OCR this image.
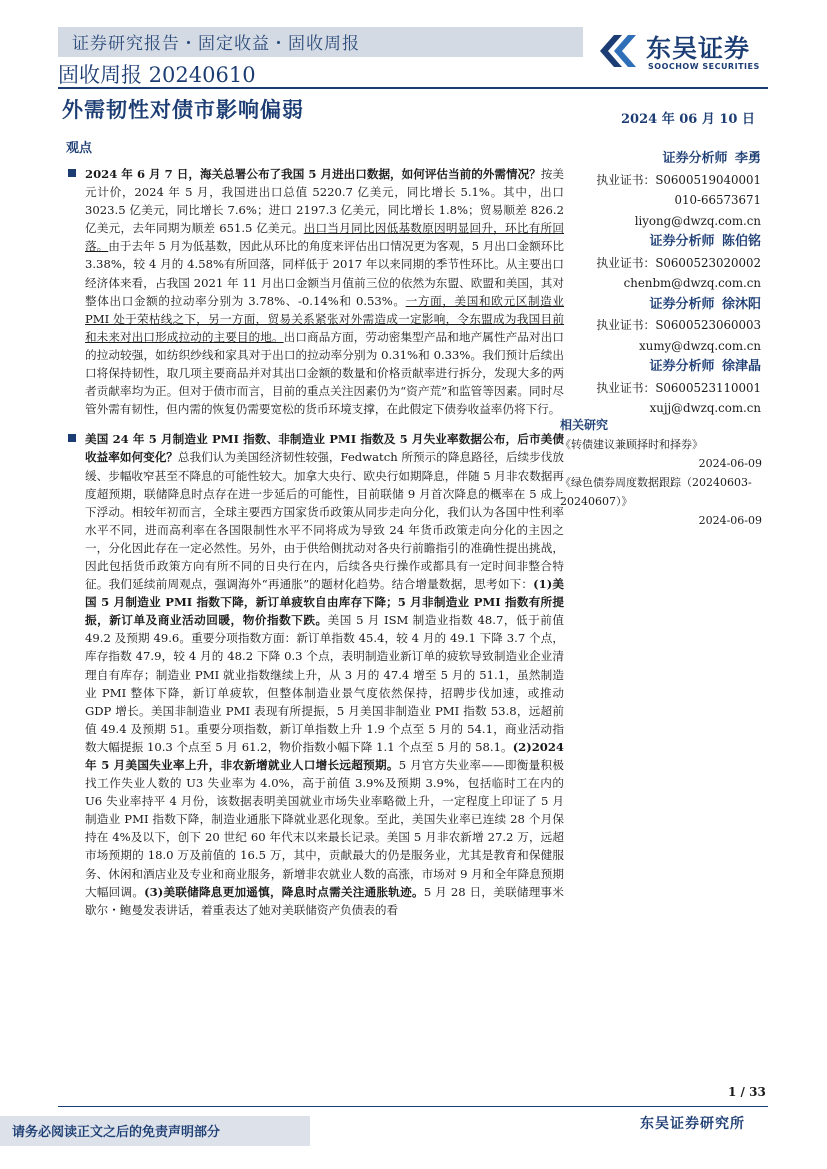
证券研究报告・固定收益・固收周报
固收周报 20240610
东吴证券
SOOCHOW SECURITIES
外需韧性对债市影响偏弱	2024 年 06 月 10 日
观点
2024 年 6 月 7 日，海关总署公布了我国 5 月进出口数据，如何评估当前的外需情况？按美元计价，2024 年 5 月，我国进出口总值 5220.7 亿美元，同比增长 5.1%。其中，出口 3023.5 亿美元，同比增长 7.6%；进口 2197.3 亿美元，同比增长 1.8%；贸易顺差 826.2 亿美元，去年同期为顺差 651.5 亿美元。出口当月同比因低基数原因明显回升，环比有所回落。由于去年 5 月为低基数，因此从环比的角度来评估出口情况更为客观，5 月出口金额环比 3.38%，较 4 月的 4.58%有所回落，同样低于 2017 年以来同期的季节性环比。从主要出口经济体来看，占我国 2021 年 11 月出口金额当月值前三位的依然为东盟、欧盟和美国，其对整体出口金额的拉动率分别为 3.78%、-0.14%和 0.53%。一方面，美国和欧元区制造业 PMI 处于荣枯线之下，另一方面，贸易关系紧张对外需造成一定影响，令东盟成为我国目前和未来对出口形成拉动的主要目的地。出口商品方面，劳动密集型产品和地产属性产品对出口的拉动较强，如纺织纱线和家具对于出口的拉动率分别为 0.31%和 0.33%。我们预计后续出口将保持韧性，取几项主要商品并对其出口金额的数量和价格贡献率进行拆分，发现大多的两者贡献率均为正。但对于债市而言，目前的重点关注因素仍为“资产荒”和监管等因素。同时尽管外需有韧性，但内需的恢复仍需要宽松的货币环境支撑，在此假定下债券收益率仍将下行。
美国 24 年 5 月制造业 PMI 指数、非制造业 PMI 指数及 5 月失业率数据公布，后市美债收益率如何变化？总我们认为美国经济韧性较强，Fedwatch 所预示的降息路径，后续步伐放缓、步幅收窄甚至不降息的可能性较大。加拿大央行、欧央行如期降息，伴随 5 月非农数据再度超预期，联储降息时点存在进一步延后的可能性，目前联储 9 月首次降息的概率在 5 成上下浮动。相较年初而言，全球主要西方国家货币政策从同步走向分化，我们认为各国中性利率水平不同，进而高利率在各国限制性水平不同将成为导致 24 年货币政策走向分化的主因之一，分化因此存在一定必然性。另外，由于供给侧扰动对各央行前瞻指引的准确性提出挑战，因此包括货币政策方向有所不同的日央行在内，后续各央行操作或都具有一定时间非整合特征。我们延续前周观点，强调海外“再通胀”的题材化趋势。结合增量数据，思考如下：(1)美国 5 月制造业 PMI 指数下降，新订单疲软自由库存下降；5 月非制造业 PMI 指数有所提振，新订单及商业活动回暖，物价指数下跌。美国 5 月 ISM 制造业指数 48.7，低于前值 49.2 及预期 49.6。重要分项指数方面：新订单指数 45.4，较 4 月的 49.1 下降 3.7 个点，库存指数 47.9，较 4 月的 48.2 下降 0.3 个点，表明制造业新订单的疲软导致制造业企业清理自有库存；制造业 PMI 就业指数继续上升，从 3 月的 47.4 增至 5 月的 51.1，虽然制造业 PMI 整体下降，新订单疲软，但整体制造业景气度依然保持，招聘步伐加速，或推动 GDP 增长。美国非制造业 PMI 表现有所提振，5 月美国非制造业 PMI 指数 53.8，远超前值 49.4 及预期 51。重要分项指数，新订单指数上升 1.9 个点至 5 月的 54.1，商业活动指数大幅提振 10.3 个点至 5 月 61.2，物价指数小幅下降 1.1 个点至 5 月的 58.1。(2)2024 年 5 月美国失业率上升，非农新增就业人口增长远超预期。5 月官方失业率——即衡量积极找工作失业人数的 U3 失业率为 4.0%，高于前值 3.9%及预期 3.9%，包括临时工在内的 U6 失业率持平 4 月份，该数据表明美国就业市场失业率略微上升，一定程度上印证了 5 月制造业 PMI 指数下降，制造业通胀下降就业恶化现象。至此，美国失业率已连续 28 个月保持在 4%及以下，创下 20 世纪 60 年代末以来最长记录。美国 5 月非农新增 27.2 万，远超市场预期的 18.0 万及前值的 16.5 万，其中，贡献最大的仍是服务业，尤其是教育和保健服务、休闲和酒店业及专业和商业服务，新增非农就业人数的高涨，市场对 9 月和全年降息预期大幅回调。(3)美联储降息更加遥慎，降息时点需关注通胀轨迹。5 月 28 日，美联储理事米歇尔・鲍曼发表讲话，着重表达了她对美联储资产负债表的看
证券分析师 李勇
执业证书：S0600519040001
010-66573671
liyong@dwzq.com.cn
证券分析师 陈伯铭
执业证书：S0600523020002
chenbm@dwzq.com.cn
证券分析师 徐沐阳
执业证书：S0600523060003
xumy@dwzq.com.cn
证券分析师 徐津晶
执业证书：S0600523110001
xujj@dwzq.com.cn
相关研究
《转债建议兼顾择时和择券》
2024-06-09
《绿色债券周度数据跟踪（20240603-20240607）》
2024-06-09
1 / 33
请务必阅读正文之后的免责声明部分
东吴证券研究所
